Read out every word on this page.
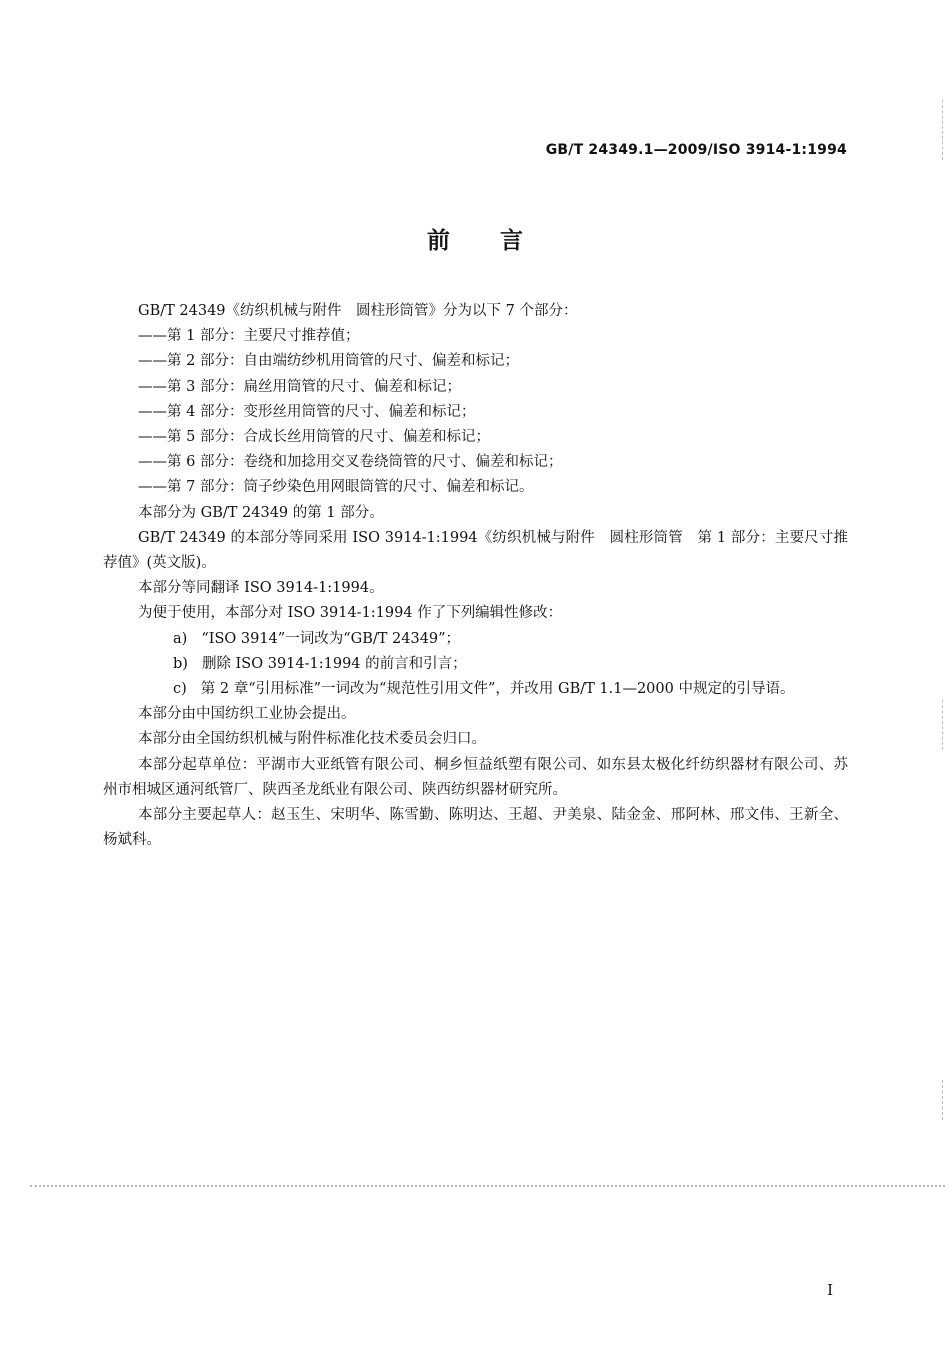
GB/T 24349.1—2009/ISO 3914-1:1994
前言

GB/T 24349《纺织机械与附件　圆柱形筒管》分为以下 7 个部分：

——第 1 部分：主要尺寸推荐值；

——第 2 部分：自由端纺纱机用筒管的尺寸、偏差和标记；

——第 3 部分：扁丝用筒管的尺寸、偏差和标记；

——第 4 部分：变形丝用筒管的尺寸、偏差和标记；

——第 5 部分：合成长丝用筒管的尺寸、偏差和标记；

——第 6 部分：卷绕和加捻用交叉卷绕筒管的尺寸、偏差和标记；

——第 7 部分：筒子纱染色用网眼筒管的尺寸、偏差和标记。

本部分为 GB/T 24349 的第 1 部分。

GB/T 24349 的本部分等同采用 ISO 3914-1:1994《纺织机械与附件　圆柱形筒管　第 1 部分：主要尺寸推荐值》(英文版)。

本部分等同翻译 ISO 3914-1:1994。

为便于使用，本部分对 ISO 3914-1:1994 作了下列编辑性修改：

a) “ISO 3914”一词改为“GB/T 24349”；

b) 删除 ISO 3914-1:1994 的前言和引言；

c) 第 2 章“引用标准”一词改为“规范性引用文件”，并改用 GB/T 1.1—2000 中规定的引导语。

本部分由中国纺织工业协会提出。

本部分由全国纺织机械与附件标准化技术委员会归口。

本部分起草单位：平湖市大亚纸管有限公司、桐乡恒益纸塑有限公司、如东县太极化纤纺织器材有限公司、苏州市相城区通河纸管厂、陕西圣龙纸业有限公司、陕西纺织器材研究所。

本部分主要起草人：赵玉生、宋明华、陈雪勤、陈明达、王超、尹美泉、陆金金、邢阿林、邢文伟、王新全、杨斌科。

I
